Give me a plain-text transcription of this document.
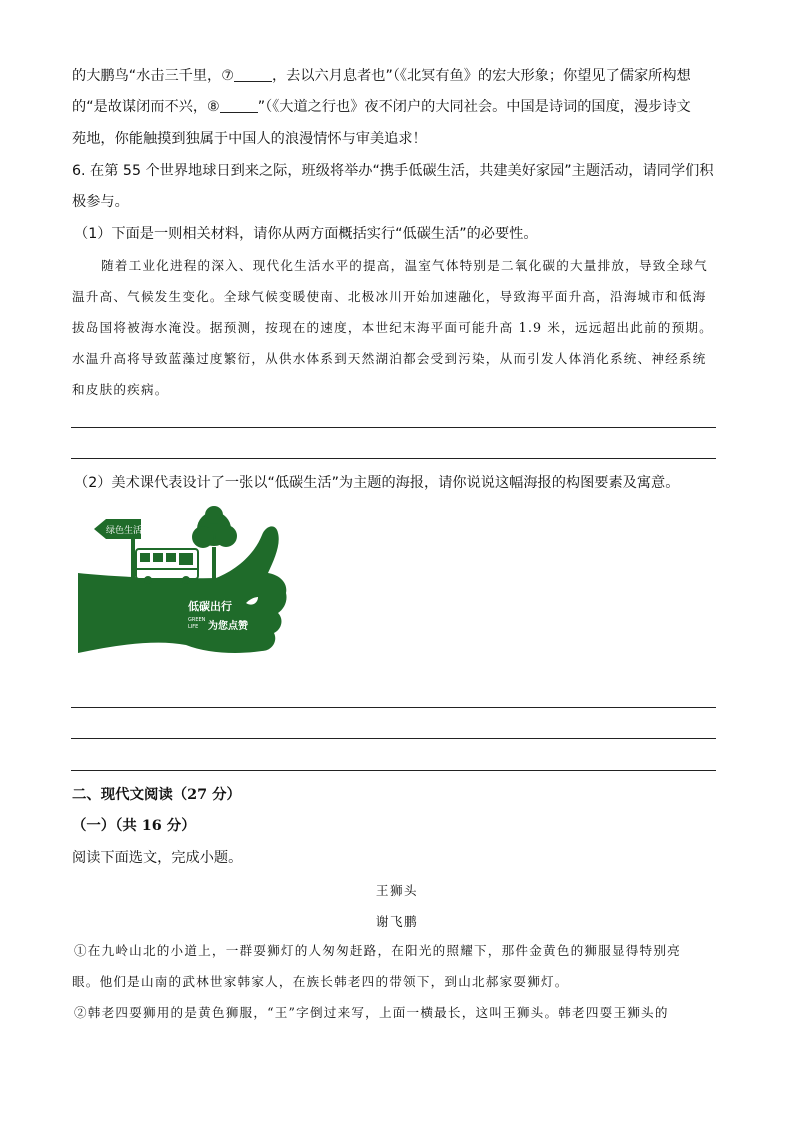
的大鹏鸟“水击三千里，⑦	，去以六月息者也”（《北冥有鱼》的宏大形象；你望见了儒家所构想
的“是故谋闭而不兴，⑧	”（《大道之行也》夜不闭户的大同社会。中国是诗词的国度，漫步诗文
苑地，你能触摸到独属于中国人的浪漫情怀与审美追求！
6. 在第 55 个世界地球日到来之际，班级将举办“携手低碳生活，共建美好家园”主题活动，请同学们积
极参与。
（1）下面是一则相关材料，请你从两方面概括实行“低碳生活”的必要性。
随着工业化进程的深入、现代化生活水平的提高，温室气体特别是二氧化碳的大量排放，导致全球气
温升高、气候发生变化。全球气候变暖使南、北极冰川开始加速融化，导致海平面升高，沿海城市和低海
拔岛国将被海水淹没。据预测，按现在的速度，本世纪末海平面可能升高 1.9 米，远远超出此前的预期。
水温升高将导致蓝藻过度繁衍，从供水体系到天然湖泊都会受到污染，从而引发人体消化系统、神经系统
和皮肤的疾病。
（2）美术课代表设计了一张以“低碳生活”为主题的海报，请你说说这幅海报的构图要素及寓意。
绿色生活
低碳出行
GREEN
LIFE 为您点赞
二、现代文阅读（27 分）
（一）（共 16 分）
阅读下面选文，完成小题。
王狮头
谢飞鹏
①在九岭山北的小道上，一群耍狮灯的人匆匆赶路，在阳光的照耀下，那件金黄色的狮服显得特别亮
眼。他们是山南的武林世家韩家人，在族长韩老四的带领下，到山北郝家耍狮灯。
②韩老四耍狮用的是黄色狮服，“王”字倒过来写，上面一横最长，这叫王狮头。韩老四耍王狮头的
